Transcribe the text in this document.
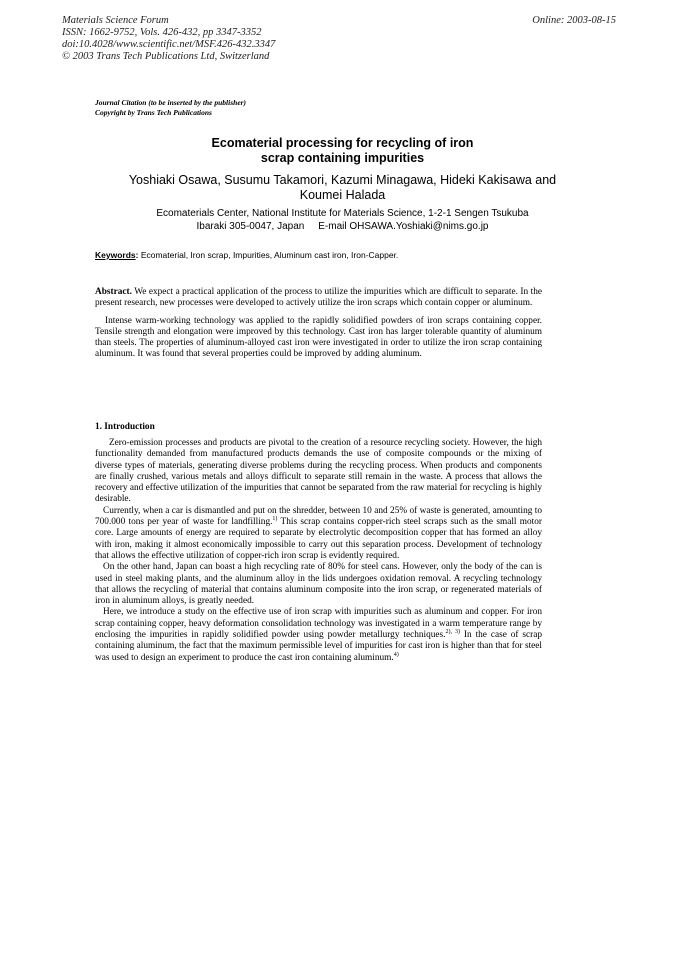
Materials Science Forum
ISSN: 1662-9752, Vols. 426-432, pp 3347-3352
doi:10.4028/www.scientific.net/MSF.426-432.3347
© 2003 Trans Tech Publications Ltd, Switzerland
Online: 2003-08-15
Journal Citation (to be inserted by the publisher)
Copyright by Trans Tech Publications
Ecomaterial processing for recycling of iron
scrap containing impurities
Yoshiaki Osawa, Susumu Takamori, Kazumi Minagawa, Hideki Kakisawa and
Koumei Halada
Ecomaterials Center, National Institute for Materials Science, 1-2-1 Sengen Tsukuba
Ibaraki 305-0047, Japan E-mail OHSAWA.Yoshiaki@nims.go.jp
Keywords: Ecomaterial, Iron scrap, Impurities, Aluminum cast iron, Iron-Capper.

Abstract. We expect a practical application of the process to utilize the impurities which are difficult to separate. In the present research, new processes were developed to actively utilize the iron scraps which contain copper or aluminum.

Intense warm-working technology was applied to the rapidly solidified powders of iron scraps containing copper. Tensile strength and elongation were improved by this technology. Cast iron has larger tolerable quantity of aluminum than steels. The properties of aluminum-alloyed cast iron were investigated in order to utilize the iron scrap containing aluminum. It was found that several properties could be improved by adding aluminum.

1. Introduction

Zero-emission processes and products are pivotal to the creation of a resource recycling society. However, the high functionality demanded from manufactured products demands the use of composite compounds or the mixing of diverse types of materials, generating diverse problems during the recycling process. When products and components are finally crushed, various metals and alloys difficult to separate still remain in the waste. A process that allows the recovery and effective utilization of the impurities that cannot be separated from the raw material for recycling is highly desirable.

Currently, when a car is dismantled and put on the shredder, between 10 and 25% of waste is generated, amounting to 700.000 tons per year of waste for landfilling.$^{1)}$ This scrap contains copper-rich steel scraps such as the small motor core. Large amounts of energy are required to separate by electrolytic decomposition copper that has formed an alloy with iron, making it almost economically impossible to carry out this separation process. Development of technology that allows the effective utilization of copper-rich iron scrap is evidently required.

On the other hand, Japan can boast a high recycling rate of 80% for steel cans. However, only the body of the can is used in steel making plants, and the aluminum alloy in the lids undergoes oxidation removal. A recycling technology that allows the recycling of material that contains aluminum composite into the iron scrap, or regenerated materials of iron in aluminum alloys, is greatly needed.

Here, we introduce a study on the effective use of iron scrap with impurities such as aluminum and copper. For iron scrap containing copper, heavy deformation consolidation technology was investigated in a warm temperature range by enclosing the impurities in rapidly solidified powder using powder metallurgy techniques.$^{2), 3)}$ In the case of scrap containing aluminum, the fact that the maximum permissible level of impurities for cast iron is higher than that for steel was used to design an experiment to produce the cast iron containing aluminum.$^{4)}$
